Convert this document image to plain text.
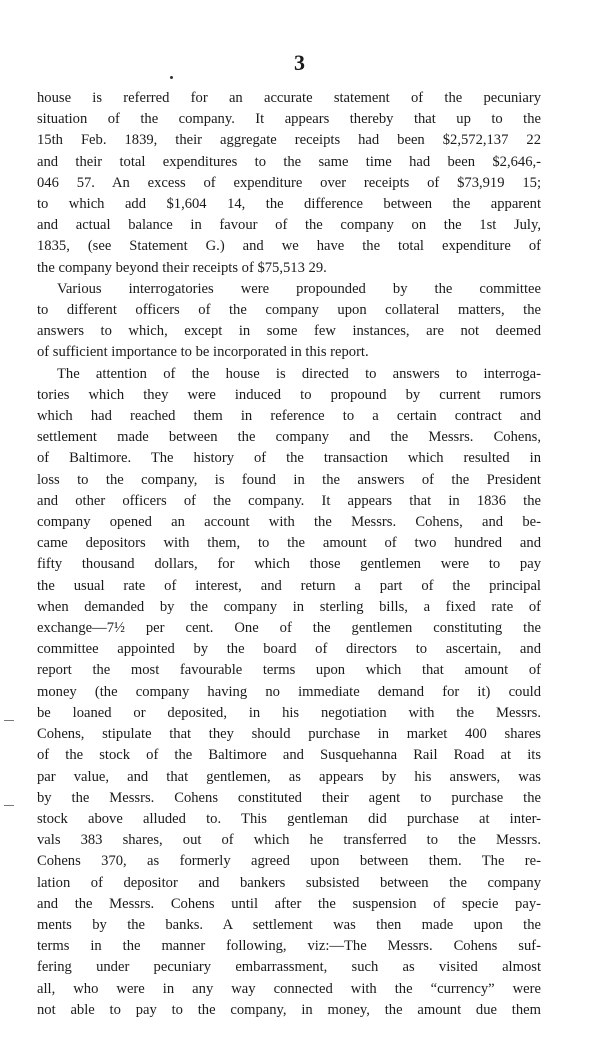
3
house is referred for an accurate statement of the pecuniary
situation of the company. It appears thereby that up to the
15th Feb. 1839, their aggregate receipts had been $2,572,137 22
and their total expenditures to the same time had been $2,646,-
046 57. An excess of expenditure over receipts of $73,919 15;
to which add $1,604 14, the difference between the apparent
and actual balance in favour of the company on the 1st July,
1835, (see Statement G.) and we have the total expenditure of
the company beyond their receipts of $75,513 29.
Various interrogatories were propounded by the committee
to different officers of the company upon collateral matters, the
answers to which, except in some few instances, are not deemed
of sufficient importance to be incorporated in this report.
The attention of the house is directed to answers to interroga-
tories which they were induced to propound by current rumors
which had reached them in reference to a certain contract and
settlement made between the company and the Messrs. Cohens,
of Baltimore. The history of the transaction which resulted in
loss to the company, is found in the answers of the President
and other officers of the company. It appears that in 1836 the
company opened an account with the Messrs. Cohens, and be-
came depositors with them, to the amount of two hundred and
fifty thousand dollars, for which those gentlemen were to pay
the usual rate of interest, and return a part of the principal
when demanded by the company in sterling bills, a fixed rate of
exchange—7½ per cent. One of the gentlemen constituting the
committee appointed by the board of directors to ascertain, and
report the most favourable terms upon which that amount of
money (the company having no immediate demand for it) could
be loaned or deposited, in his negotiation with the Messrs.
Cohens, stipulate that they should purchase in market 400 shares
of the stock of the Baltimore and Susquehanna Rail Road at its
par value, and that gentlemen, as appears by his answers, was
by the Messrs. Cohens constituted their agent to purchase the
stock above alluded to. This gentleman did purchase at inter-
vals 383 shares, out of which he transferred to the Messrs.
Cohens 370, as formerly agreed upon between them. The re-
lation of depositor and bankers subsisted between the company
and the Messrs. Cohens until after the suspension of specie pay-
ments by the banks. A settlement was then made upon the
terms in the manner following, viz:—The Messrs. Cohens suf-
fering under pecuniary embarrassment, such as visited almost
all, who were in any way connected with the “currency” were
not able to pay to the company, in money, the amount due them
